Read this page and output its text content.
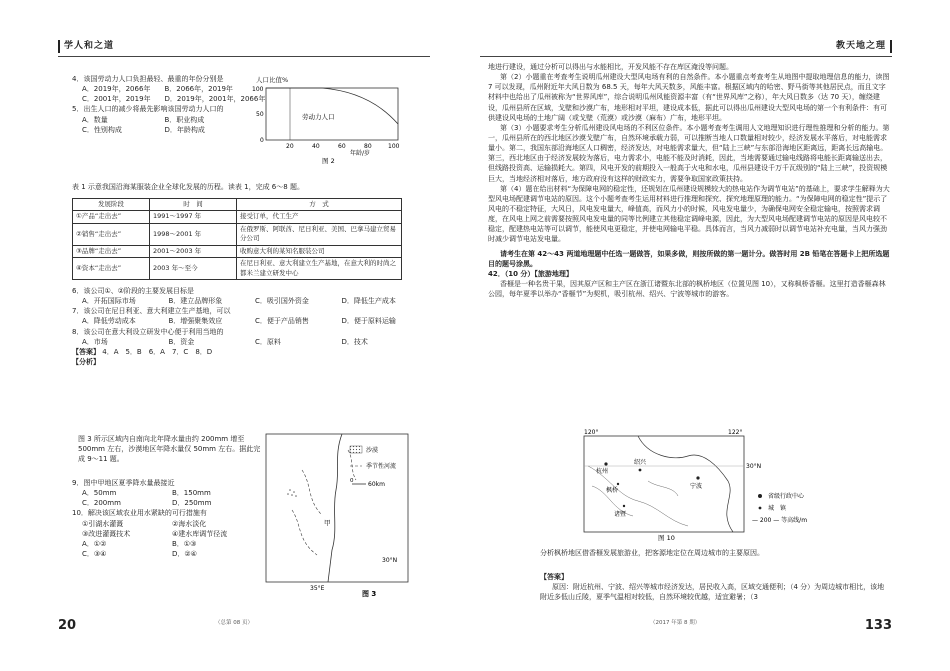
学人和之道	教天地之理
4．该国劳动力人口负担最轻、最重的年份分别是
A．2019年，2066年	B．2066年，2019年
C．2001年，2019年	D．2019年，2001年，2066年
5．出生人口的减少将最先影响该国劳动力人口的
A．数量	B．职业构成
C．性别构成	D．年龄构成
人口比值%
100
50
0
劳动力人口
20	40	60	80	100
年龄/岁
图 2
表 1 示意我国沿海某服装企业全球化发展的历程。读表 1，完成 6～8 题。
发展阶段	时　间	方　式
①产品“走出去”	1991～1997 年	接受订单，代工生产
②销售“走出去”	1998～2001 年	在俄罗斯、阿联酋、尼日利亚、美国、巴拿马建立贸易分公司
③品牌“走出去”	2001～2003 年	收购意大利的某知名服装公司
④资本“走出去”	2003 年～至今	在尼日利亚、意大利建立生产基地，在意大利的时尚之都米兰建立研发中心
6．该公司①、②阶段的主要发展目标是
A．开拓国际市场	B．建立品牌形象	C．吸引国外资金	D．降低生产成本
7．该公司在尼日利亚、意大利建立生产基地，可以
A．降低劳动成本	B．增强聚集效应	C．便于产品销售	D．便于原料运输
8．该公司在意大利设立研发中心便于利用当地的
A．市场	B．资金	C．原料	D．技术
【答案】 4．A　5．B　6．A　7．C　8．D
【分析】
图 3 所示区域内自南向北年降水量由约 200mm 增至 500mm 左右，沙漠地区年降水量仅 50mm 左右。据此完成 9～11 题。
9．图中甲地区夏季降水量最接近
A．50mm	B．150mm
C．200mm	D．250mm
10．解决该区域农业用水紧缺的可行措施有
①引湖水灌溉	②海水淡化
③改进灌溉技术	④建水库调节径流
A．①②	B．①③
C．③④	D．②④
甲
沙漠
季节性河流
0 60km
30°N
35°E
图 3

地进行建设，通过分析可以得出与水能相比，开发风能不存在库区淹没等问题。

第（2）小题重在考查考生说明瓜州建设大型风电场有利的自然条件。本小题重点考查考生从地图中提取地理信息的能力，读图 7 可以发现，瓜州附近年大风日数为 68.5 天，每年大风天数多，风能丰富。根据区域内的哈密、野马街等其他居民点，而且文字材料中也给出了瓜州被称为“世界风库”，综合说明瓜州风能资源丰富（有“世界风库”之称），年大风日数多（达 70 天），缠绕建设，瓜州县所在区域，戈壁和沙漠广布，地形相对平坦，建设成本低，据此可以得出瓜州建设大型风电场的第一个有利条件：有可供建设风电场的土地广阔（或戈壁（荒漠）或沙漠（麻布）广布，地形平坦。

第（3）小题要求考生分析瓜州建设风电场的不利区位条件。本小题考查考生调用人文地理知识进行理性推理和分析的能力。第一，瓜州县所在的西北地区沙漠戈壁广布，自然环境承载力弱，可以推断当地人口数量相对较少，经济发展水平落后，对电能需求量小。第二，我国东部沿海地区人口稠密，经济发达，对电能需求量大，但“陆上三峡”与东部沿海地区距离远，距离长远高输电。第三，西北地区由于经济发展较为落后，电力需求小，电能不能及时消耗，因此，当地需要通过输电线路将电能长距离输送出去，但线路投资高、运输损耗大。第四，风电开发的前期投入一般高于火电和水电，瓜州县建设千万千瓦级别的“陆上三峡”，投资规模巨大，当地经济相对落后，地方政府没有这样的财政实力，需要争取国家政策扶持。

第（4）题在给出材料“为保障电网的稳定性，还规划在瓜州建设规模较大的热电站作为调节电站”的基础上，要求学生解释为大型风电场配建调节电站的原因。这个小题考查考生运用材料进行推理和探究、探究地理原理的能力。“为保障电网的稳定性”提示了风电的不稳定特征，大风日，风电发电量大，峰值高，而风力小的时候，风电发电量少，为确保电网安全稳定输电，按照需求调度，在风电上网之前需要按照风电发电量的同等比例建立其他稳定调峰电源，因此，为大型风电场配建调节电站的原因是风电较不稳定，配建热电站等可以调节，能使风电更稳定，并使电网输电平稳。具体而言，当风力减弱时以调节电站补充电量，当风力强劲时减少调节电站发电量。

请考生在第 42～43 两道地理题中任选一题做答，如果多做，则按所做的第一题计分。做答时用 2B 铅笔在答题卡上把所选题目的题号涂黑。

42．（10 分）【旅游地理】

香榧是一种名贵干果，因其原产区和主产区在浙江诸暨东北部的枫桥地区（位置见图 10），又称枫桥香榧。这里打造香榧森林公园，每年夏季以举办“香榧节”为契机，吸引杭州、绍兴、宁波等城市的游客。

120°	122°
30°N
杭州
绍兴
枫桥
宁波
诸暨
省级行政中心
城　镇
— 200 — 等高线/m
图 10
分析枫桥地区借香榧发展旅游业，把客源地定位在周边城市的主要原因。
【答案】

原因：附近杭州、宁波、绍兴等城市经济发达，居民收入高，区域交通便利；（4 分）为周边城市相比，该地附近多低山丘陵，夏季气温相对较低，自然环境较优越，适宜避暑；（3

20	（总第 08 页）	（2017 年第 8 期）	133
